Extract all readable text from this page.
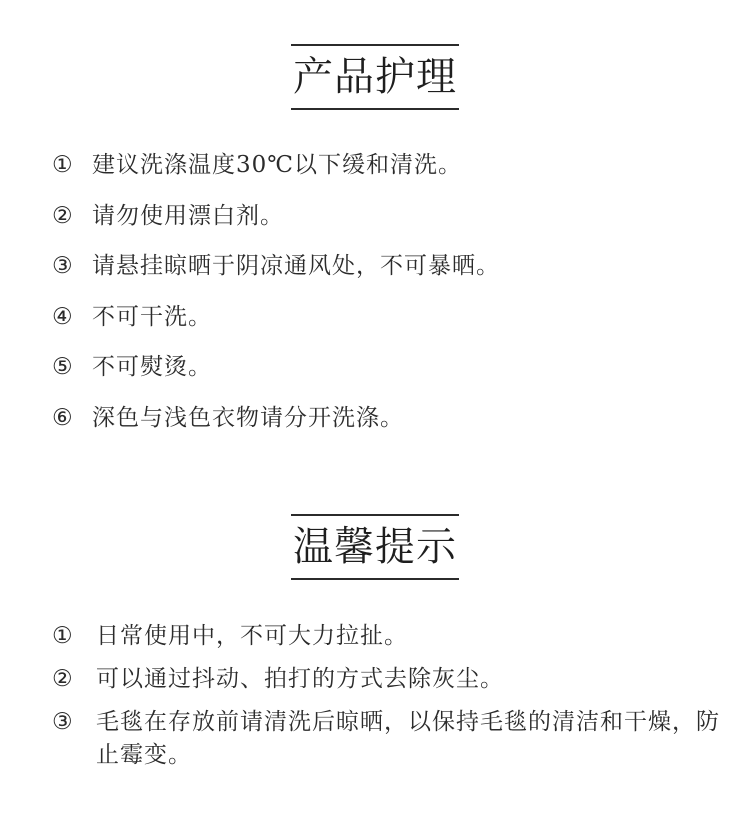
产品护理
① 建议洗涤温度30℃以下缓和清洗。
② 请勿使用漂白剂。
③ 请悬挂晾晒于阴凉通风处，不可暴晒。
④ 不可干洗。
⑤ 不可熨烫。
⑥ 深色与浅色衣物请分开洗涤。
温馨提示
① 日常使用中，不可大力拉扯。
② 可以通过抖动、拍打的方式去除灰尘。
③ 毛毯在存放前请清洗后晾晒，以保持毛毯的清洁和干燥，防止霉变。
